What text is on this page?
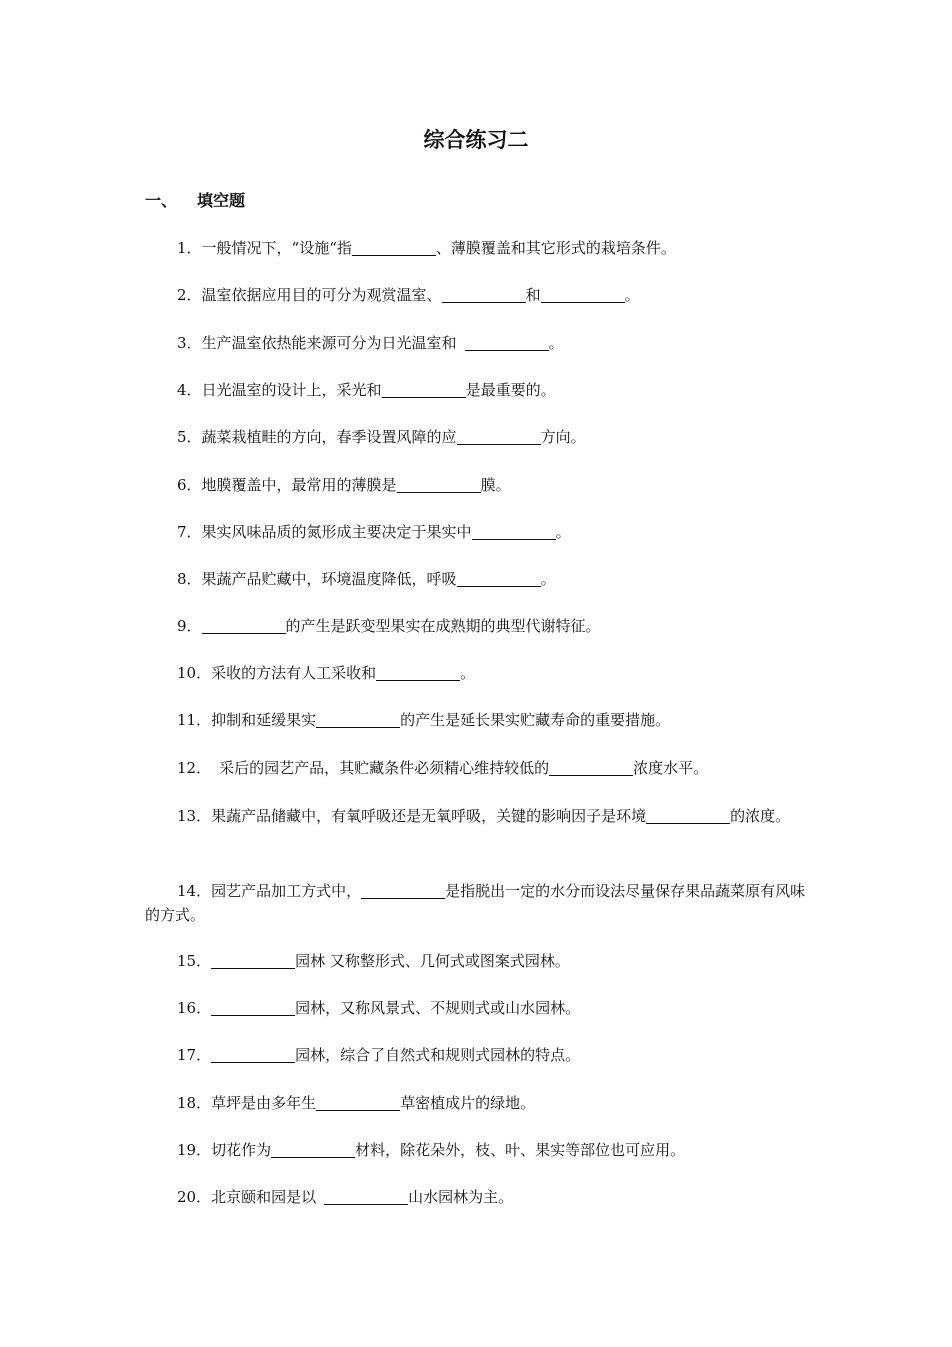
综合练习二
一、 填空题
1．一般情况下，“设施“指	、薄膜覆盖和其它形式的栽培条件。
2．温室依据应用目的可分为观赏温室、	和	。
3．生产温室依热能来源可分为日光温室和	。
4．日光温室的设计上，采光和	是最重要的。
5．蔬菜栽植畦的方向，春季设置风障的应	方向。
6．地膜覆盖中，最常用的薄膜是	膜。
7．果实风味品质的氮形成主要决定于果实中	。
8．果蔬产品贮藏中，环境温度降低，呼吸	。
9．	的产生是跃变型果实在成熟期的典型代谢特征。
10．采收的方法有人工采收和	。
11．抑制和延缓果实	的产生是延长果实贮藏寿命的重要措施。
12． 采后的园艺产品，其贮藏条件必须精心维持较低的	浓度水平。
13．果蔬产品储藏中，有氧呼吸还是无氧呼吸，关键的影响因子是环境	的浓度。
14．园艺产品加工方式中，	是指脱出一定的水分而设法尽量保存果品蔬菜原有风味的方式。
15．	园林 又称整形式、几何式或图案式园林。
16．	园林，又称风景式、不规则式或山水园林。
17．	园林，综合了自然式和规则式园林的特点。
18．草坪是由多年生	草密植成片的绿地。
19．切花作为	材料，除花朵外，枝、叶、果实等部位也可应用。
20．北京颐和园是以	山水园林为主。
